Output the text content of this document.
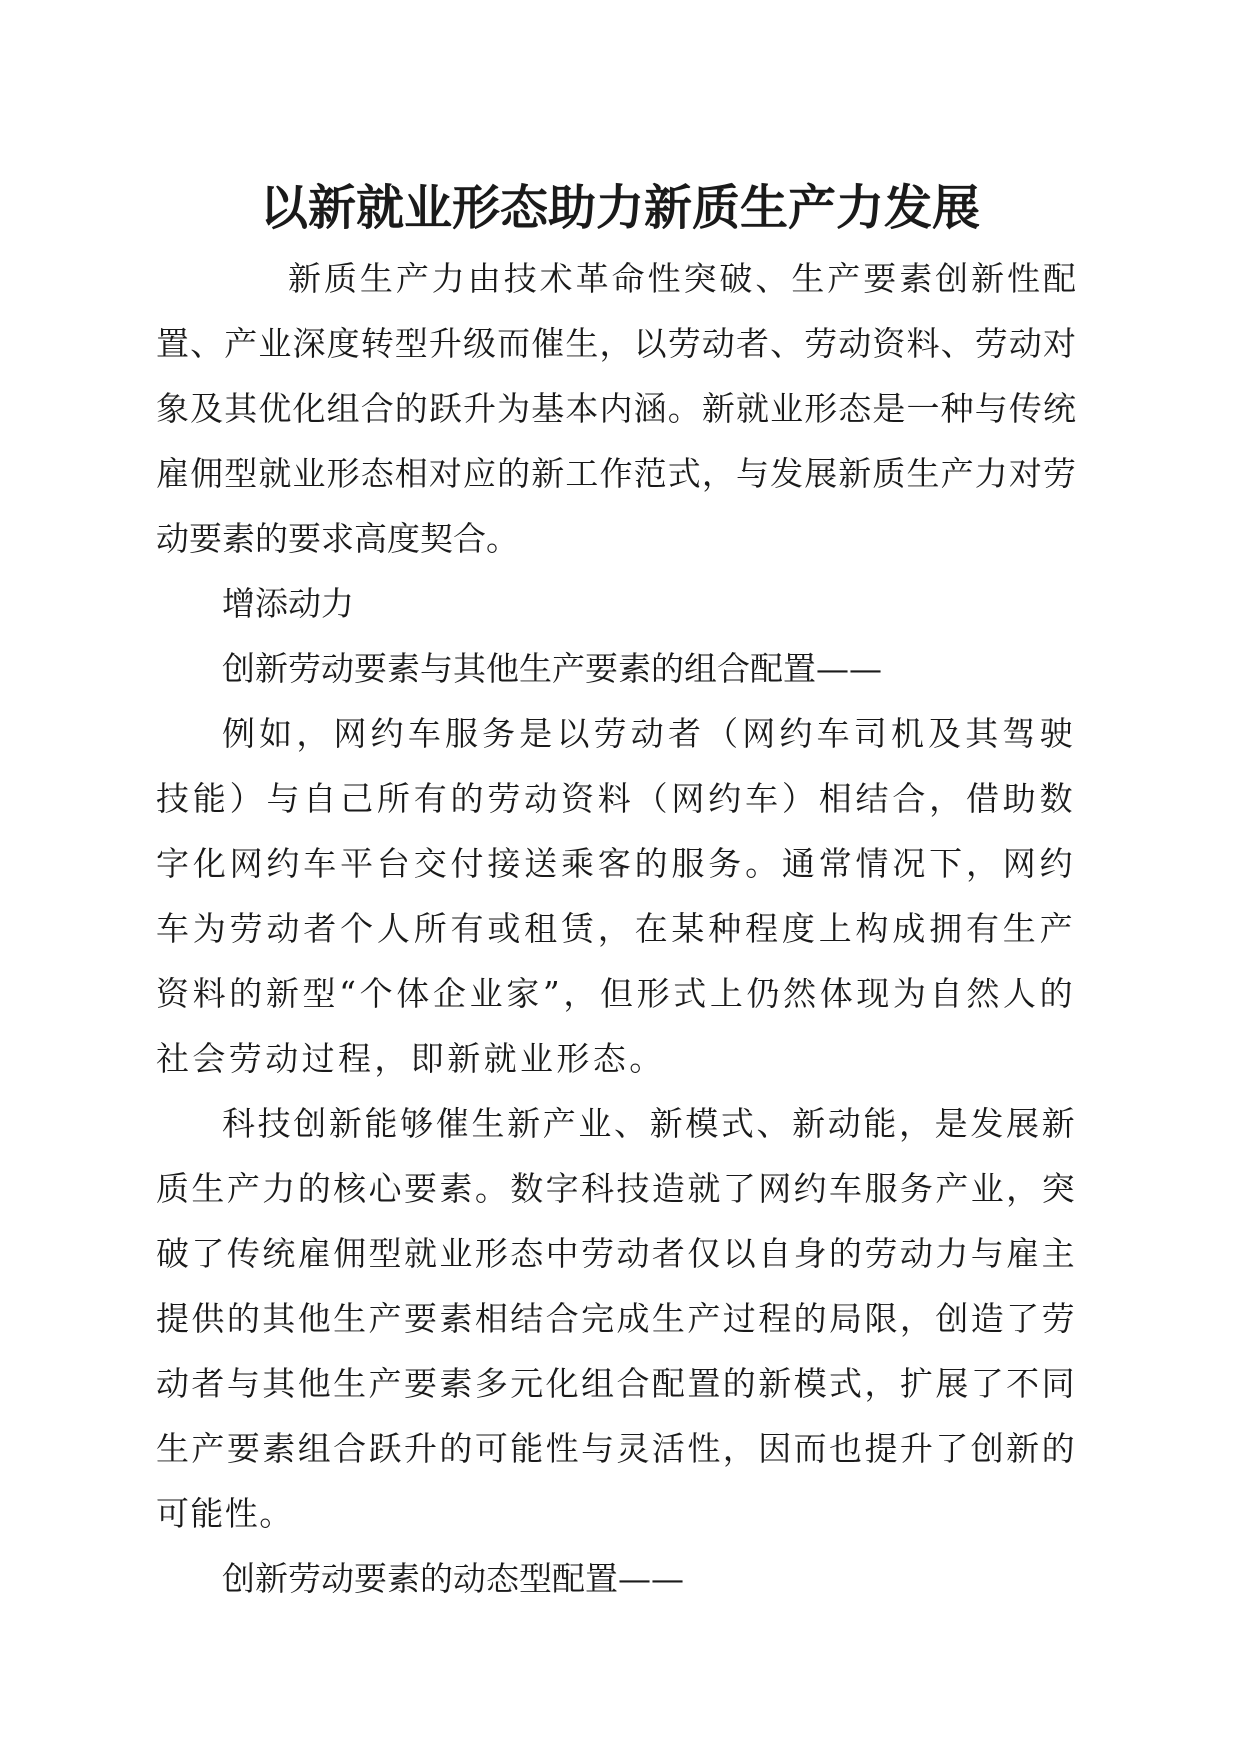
以新就业形态助力新质生产力发展

新质生产力由技术革命性突破、生产要素创新性配置、产业深度转型升级而催生，以劳动者、劳动资料、劳动对象及其优化组合的跃升为基本内涵。新就业形态是一种与传统雇佣型就业形态相对应的新工作范式，与发展新质生产力对劳动要素的要求高度契合。

增添动力

创新劳动要素与其他生产要素的组合配置——

例如，网约车服务是以劳动者（网约车司机及其驾驶技能）与自己所有的劳动资料（网约车）相结合，借助数字化网约车平台交付接送乘客的服务。通常情况下，网约车为劳动者个人所有或租赁，在某种程度上构成拥有生产资料的新型“个体企业家”，但形式上仍然体现为自然人的社会劳动过程，即新就业形态。

科技创新能够催生新产业、新模式、新动能，是发展新质生产力的核心要素。数字科技造就了网约车服务产业，突破了传统雇佣型就业形态中劳动者仅以自身的劳动力与雇主提供的其他生产要素相结合完成生产过程的局限，创造了劳动者与其他生产要素多元化组合配置的新模式，扩展了不同生产要素组合跃升的可能性与灵活性，因而也提升了创新的可能性。

创新劳动要素的动态型配置——
